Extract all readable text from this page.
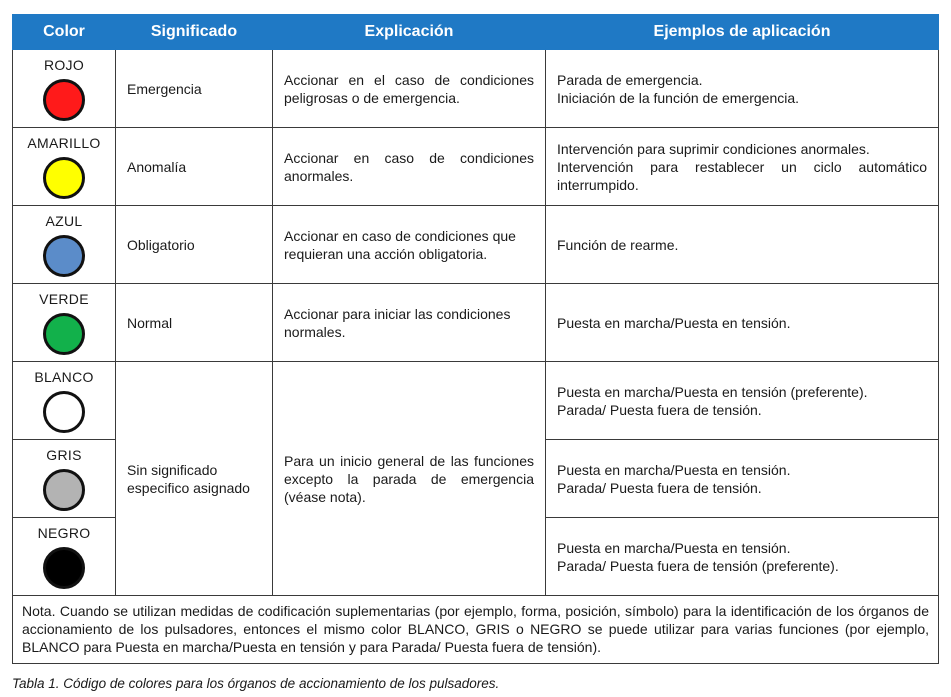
Color	Significado	Explicación	Ejemplos de aplicación

ROJO	Emergencia	Accionar en el caso de condiciones peligrosas o de emergencia.	Parada de emergencia.
Iniciación de la función de emergencia.

AMARILLO	Anomalía	Accionar en caso de condiciones anormales.	Intervención para suprimir condiciones anormales.
Intervención para restablecer un ciclo automático interrumpido.

AZUL	Obligatorio	Accionar en caso de condiciones que requieran una acción obligatoria.	Función de rearme.

VERDE	Normal	Accionar para iniciar las condiciones normales.	Puesta en marcha/Puesta en tensión.

BLANCO	Sin significado especifico asignado	Para un inicio general de las funciones excepto la parada de emergencia (véase nota).	Puesta en marcha/Puesta en tensión (preferente).
Parada/ Puesta fuera de tensión.

GRIS			Puesta en marcha/Puesta en tensión.
Parada/ Puesta fuera de tensión.

NEGRO			Puesta en marcha/Puesta en tensión.
Parada/ Puesta fuera de tensión (preferente).

Nota. Cuando se utilizan medidas de codificación suplementarias (por ejemplo, forma, posición, símbolo) para la identificación de los órganos de accionamiento de los pulsadores, entonces el mismo color BLANCO, GRIS o NEGRO se puede utilizar para varias funciones (por ejemplo, BLANCO para Puesta en marcha/Puesta en tensión y para Parada/ Puesta fuera de tensión).			
Tabla 1. Código de colores para los órganos de accionamiento de los pulsadores.
